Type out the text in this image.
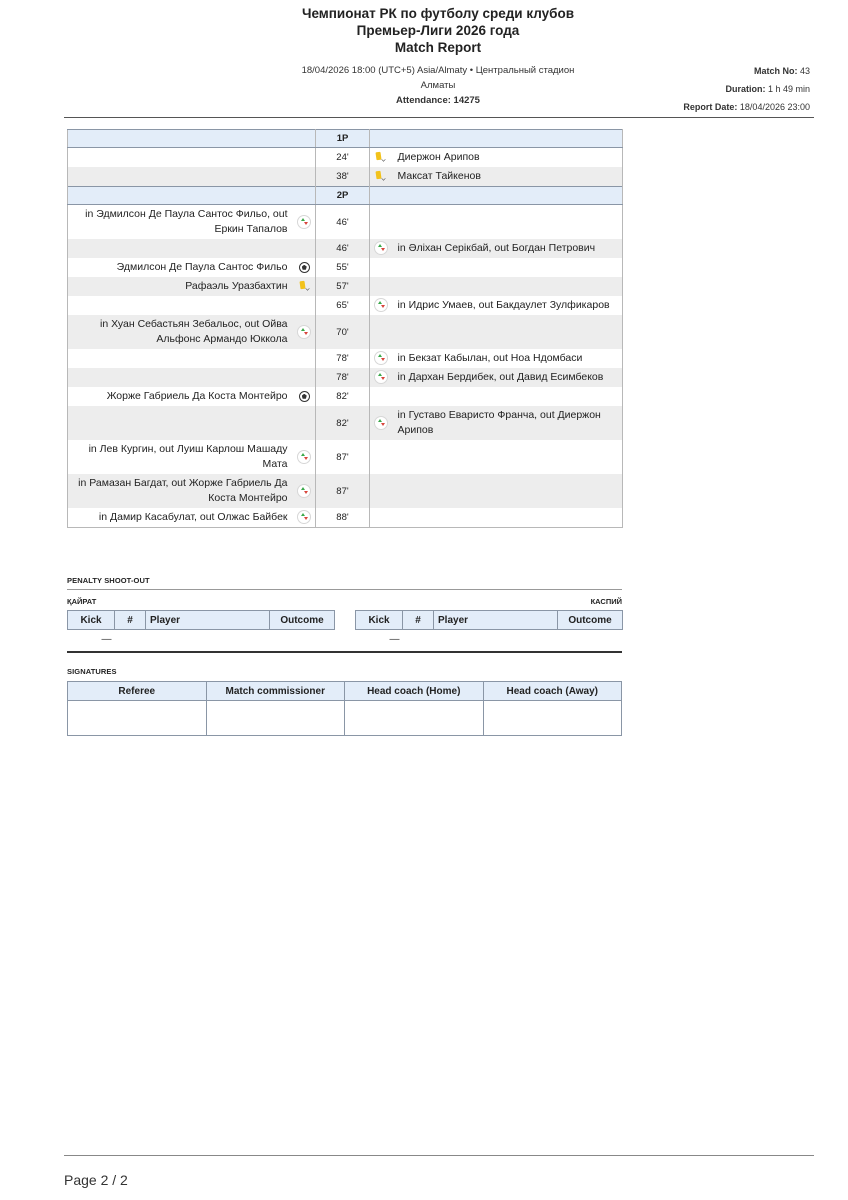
Чемпионат РК по футболу среди клубов
Премьер-Лиги 2026 года
Match Report
18/04/2026 18:00 (UTC+5) Asia/Almaty • Центральный стадион
Алматы
Attendance: 14275
Match No: 43
Duration: 1 h 49 min
Report Date: 18/04/2026 23:00
		1P		
		24'		Диержон Арипов
		38'		Максат Тайкенов
		2P		
in Эдмилсон Де Паула Сантос Фильо, out Еркин Тапалов		46'		
		46'		in Әліхан Серікбай, out Богдан Петрович
Эдмилсон Де Паула Сантос Фильо		55'		
Рафаэль Уразбахтин		57'		
		65'		in Идрис Умаев, out Бакдаулет Зулфикаров
in Хуан Себастьян Зебальос, out Ойва Альфонс Армандо Юккола		70'		
		78'		in Бекзат Кабылан, out Ноа Ндомбаси
		78'		in Дархан Бердибек, out Давид Есимбеков
Жорже Габриель Да Коста Монтейро		82'		
		82'		in Густаво Еваристо Франча, out Диержон Арипов
in Лев Кургин, out Луиш Карлош Машаду Мата		87'		
in Рамазан Багдат, out Жорже Габриель Да Коста Монтейро		87'		
in Дамир Касабулат, out Олжас Байбек		88'		
PENALTY SHOOT-OUT
ҚАЙРАТ	КАСПИЙ
Kick	#	Player	Outcome
—			
Kick	#	Player	Outcome
—			
SIGNATURES
Referee	Match commissioner	Head coach (Home)	Head coach (Away)

Page 2 / 2
